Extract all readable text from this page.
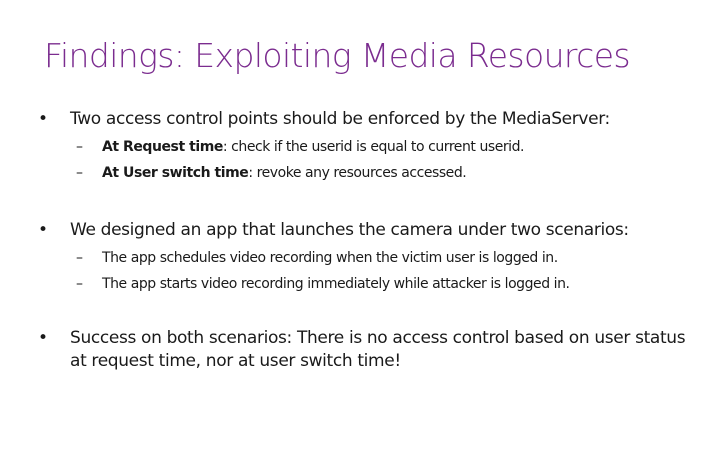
Findings: Exploiting Media Resources
• Two access control points should be enforced by the MediaServer:
– At Request time: check if the userid is equal to current userid.
– At User switch time: revoke any resources accessed.
• We designed an app that launches the camera under two scenarios:
– The app schedules video recording when the victim user is logged in.
– The app starts video recording immediately while attacker is logged in.
• Success on both scenarios: There is no access control based on user status at request time, nor at user switch time!
